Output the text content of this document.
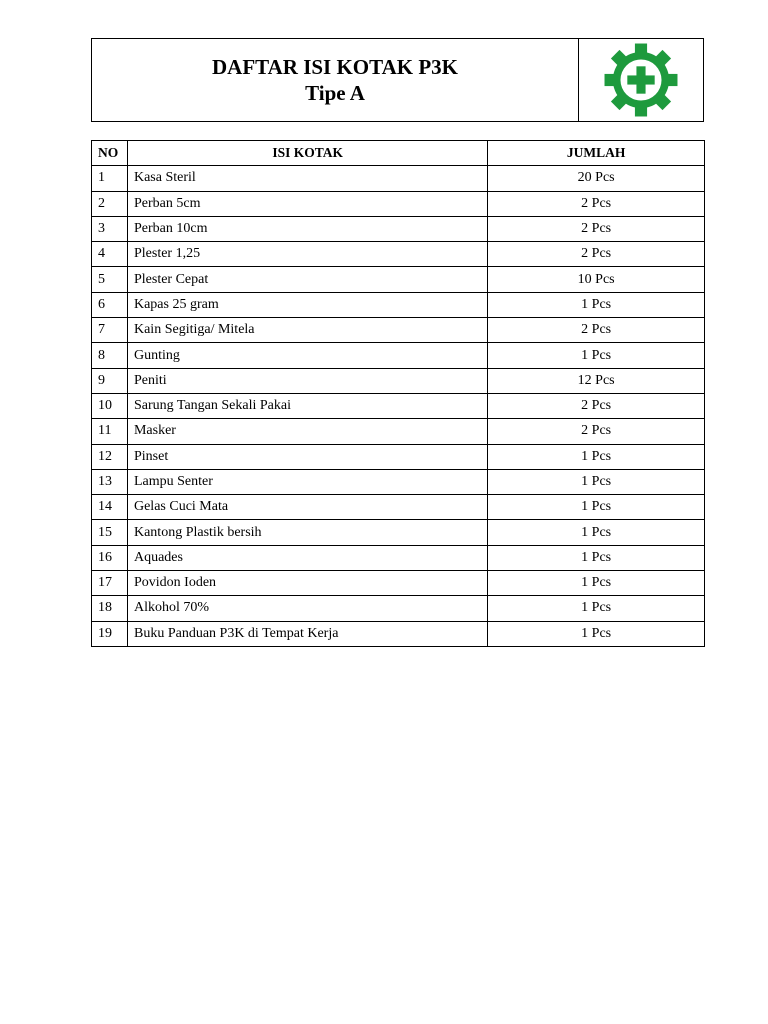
DAFTAR ISI KOTAK P3K
Tipe A
NO	ISI KOTAK	JUMLAH
1	Kasa Steril	20 Pcs
2	Perban 5cm	2 Pcs
3	Perban 10cm	2 Pcs
4	Plester 1,25	2 Pcs
5	Plester Cepat	10 Pcs
6	Kapas 25 gram	1 Pcs
7	Kain Segitiga/ Mitela	2 Pcs
8	Gunting	1 Pcs
9	Peniti	12 Pcs
10	Sarung Tangan Sekali Pakai	2 Pcs
11	Masker	2 Pcs
12	Pinset	1 Pcs
13	Lampu Senter	1 Pcs
14	Gelas Cuci Mata	1 Pcs
15	Kantong Plastik bersih	1 Pcs
16	Aquades	1 Pcs
17	Povidon Ioden	1 Pcs
18	Alkohol 70%	1 Pcs
19	Buku Panduan P3K di Tempat Kerja	1 Pcs
